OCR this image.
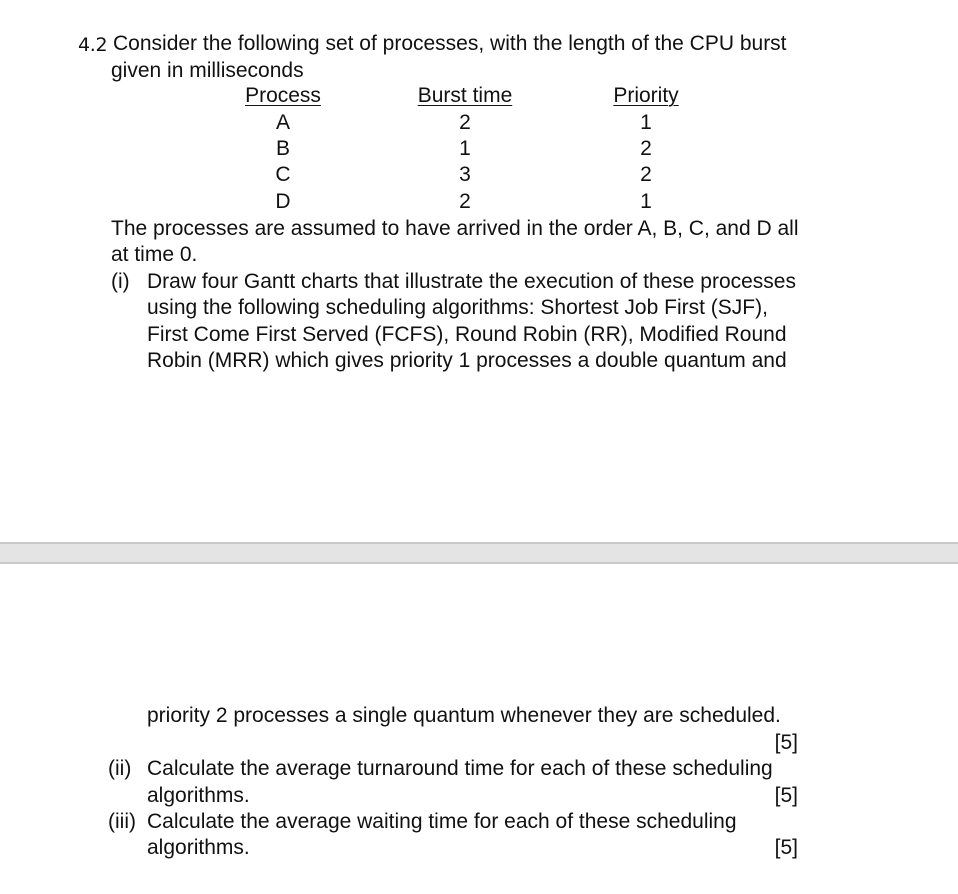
4.2 Consider the following set of processes, with the length of the CPU burst
given in milliseconds
Process	Burst time	Priority
A	2	1
B	1	2
C	3	2
D	2	1
The processes are assumed to have arrived in the order A, B, C, and D all
at time 0.
(i) Draw four Gantt charts that illustrate the execution of these processes
using the following scheduling algorithms: Shortest Job First (SJF),
First Come First Served (FCFS), Round Robin (RR), Modified Round
Robin (MRR) which gives priority 1 processes a double quantum and
priority 2 processes a single quantum whenever they are scheduled.
[5]
(ii) Calculate the average turnaround time for each of these scheduling
algorithms.	[5]
(iii) Calculate the average waiting time for each of these scheduling
algorithms.	[5]
